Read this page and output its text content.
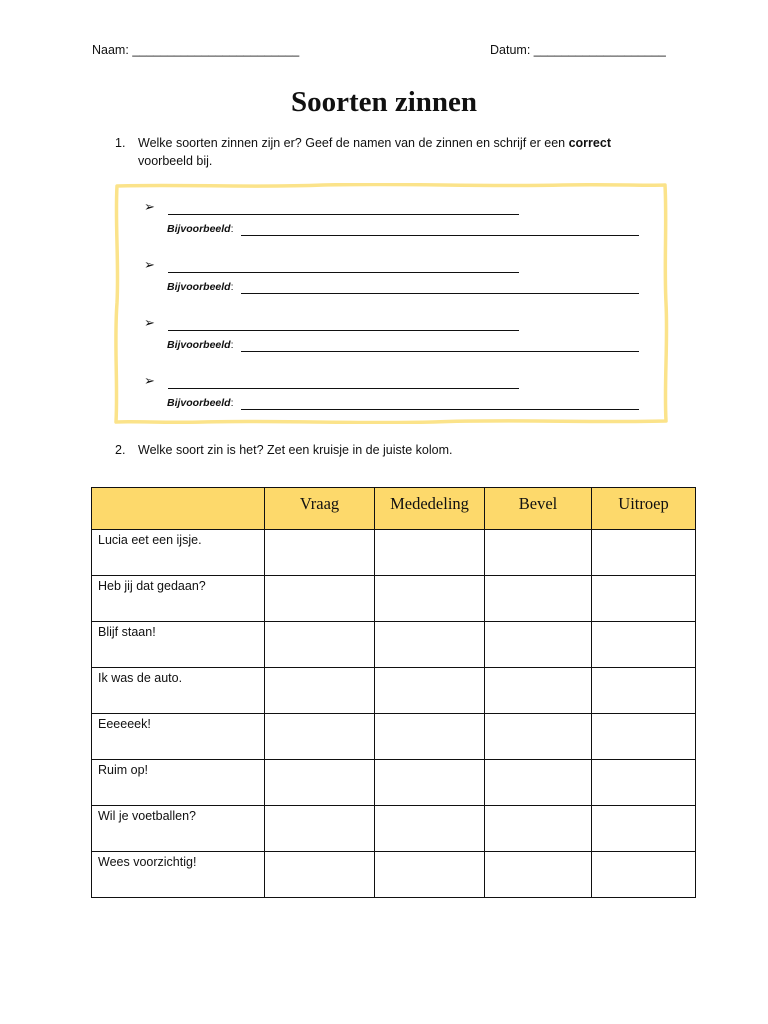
Naam: ________________________	Datum: ___________________
Soorten zinnen
1. Welke soorten zinnen zijn er? Geef de namen van de zinnen en schrijf er een correct voorbeeld bij.
➢
Bijvoorbeeld:
➢
Bijvoorbeeld:
➢
Bijvoorbeeld:
➢
Bijvoorbeeld:
2. Welke soort zin is het? Zet een kruisje in de juiste kolom.
	Vraag	Mededeling	Bevel	Uitroep
Lucia eet een ijsje.				
Heb jij dat gedaan?				
Blijf staan!				
Ik was de auto.				
Eeeeeek!				
Ruim op!				
Wil je voetballen?				
Wees voorzichtig!				
